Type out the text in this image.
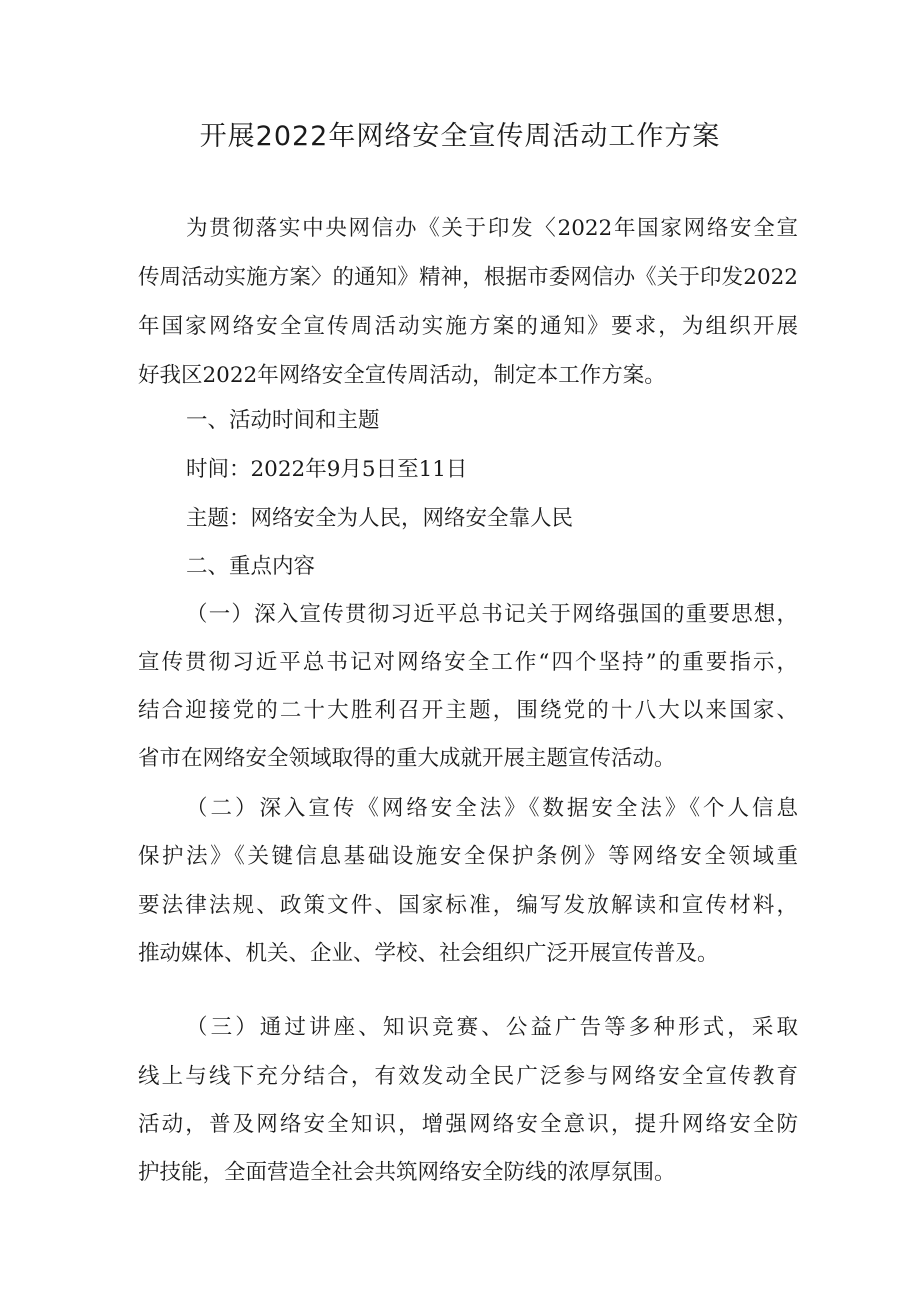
开展2022年网络安全宣传周活动工作方案
为贯彻落实中央网信办《关于印发〈2022年国家网络安全宣
传周活动实施方案〉的通知》精神，根据市委网信办《关于印发2022
年国家网络安全宣传周活动实施方案的通知》要求，为组织开展
好我区2022年网络安全宣传周活动，制定本工作方案。
一、活动时间和主题
时间：2022年9月5日至11日
主题：网络安全为人民，网络安全靠人民
二、重点内容
（一）深入宣传贯彻习近平总书记关于网络强国的重要思想，
宣传贯彻习近平总书记对网络安全工作“四个坚持”的重要指示，
结合迎接党的二十大胜利召开主题，围绕党的十八大以来国家、
省市在网络安全领域取得的重大成就开展主题宣传活动。
（二）深入宣传《网络安全法》《数据安全法》《个人信息
保护法》《关键信息基础设施安全保护条例》等网络安全领域重
要法律法规、政策文件、国家标准，编写发放解读和宣传材料，
推动媒体、机关、企业、学校、社会组织广泛开展宣传普及。
（三）通过讲座、知识竞赛、公益广告等多种形式，采取
线上与线下充分结合，有效发动全民广泛参与网络安全宣传教育
活动，普及网络安全知识，增强网络安全意识，提升网络安全防
护技能，全面营造全社会共筑网络安全防线的浓厚氛围。
